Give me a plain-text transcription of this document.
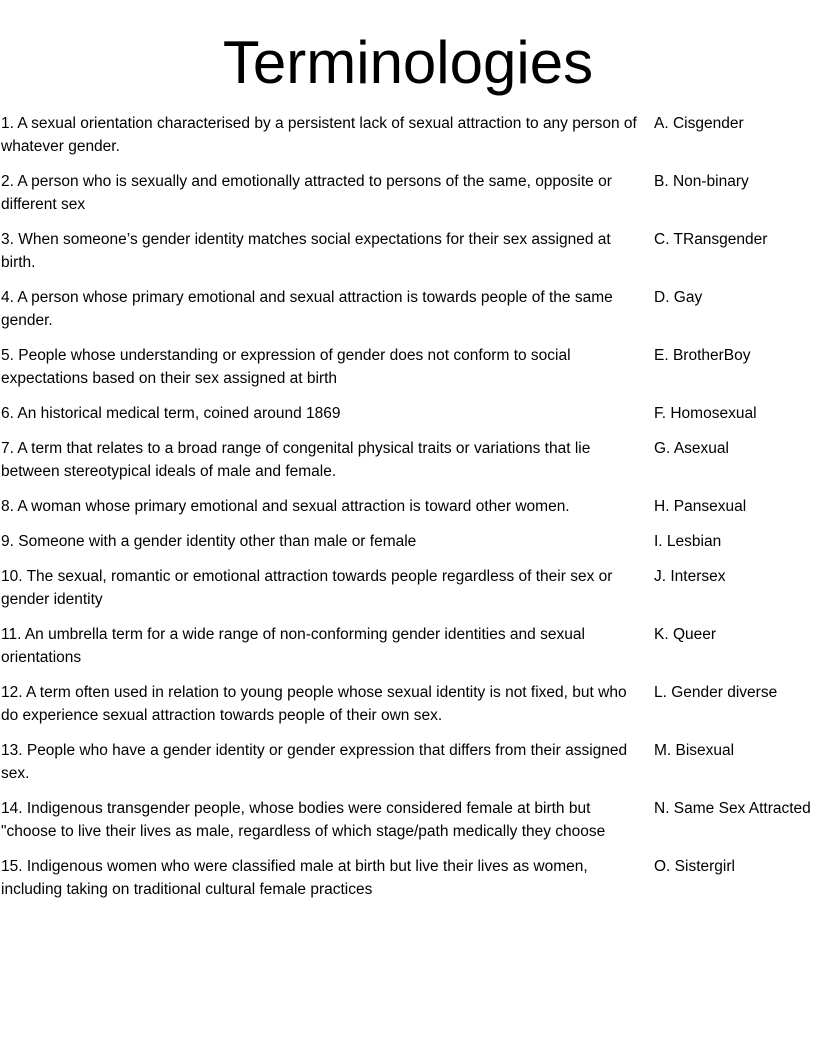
Terminologies
1. A sexual orientation characterised by a persistent lack of sexual attraction to any person of whatever gender.
A. Cisgender
2. A person who is sexually and emotionally attracted to persons of the same, opposite or different sex
B. Non-binary
3. When someone’s gender identity matches social expectations for their sex assigned at birth.
C. TRansgender
4. A person whose primary emotional and sexual attraction is towards people of the same gender.
D. Gay
5. People whose understanding or expression of gender does not conform to social expectations based on their sex assigned at birth
E. BrotherBoy
6. An historical medical term, coined around 1869	F. Homosexual
7. A term that relates to a broad range of congenital physical traits or variations that lie between stereotypical ideals of male and female.
G. Asexual
8. A woman whose primary emotional and sexual attraction is toward other women.	H. Pansexual
9. Someone with a gender identity other than male or female	I. Lesbian
10. The sexual, romantic or emotional attraction towards people regardless of their sex or gender identity
J. Intersex
11. An umbrella term for a wide range of non-conforming gender identities and sexual orientations
K. Queer
12. A term often used in relation to young people whose sexual identity is not fixed, but who do experience sexual attraction towards people of their own sex.
L. Gender diverse
13. People who have a gender identity or gender expression that differs from their assigned sex.
M. Bisexual
14. Indigenous transgender people, whose bodies were considered female at birth but "choose to live their lives as male, regardless of which stage/path medically they choose
N. Same Sex Attracted
15. Indigenous women who were classified male at birth but live their lives as women, including taking on traditional cultural female practices
O. Sistergirl
